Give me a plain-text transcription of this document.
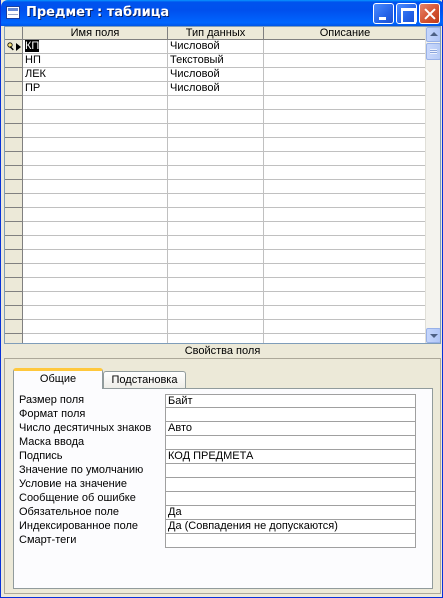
Предмет : таблица
Имя поля	Тип данных	Описание
КП	Числовой
НП	Текстовый
ЛЕК	Числовой
ПР	Числовой
Свойства поля
Общие	Подстановка
Размер поля	Байт
Формат поля
Число десятичных знаков	Авто
Маска ввода
Подпись	КОД ПРЕДМЕТА
Значение по умолчанию
Условие на значение
Сообщение об ошибке
Обязательное поле	Да
Индексированное поле	Да (Совпадения не допускаются)
Смарт-теги
